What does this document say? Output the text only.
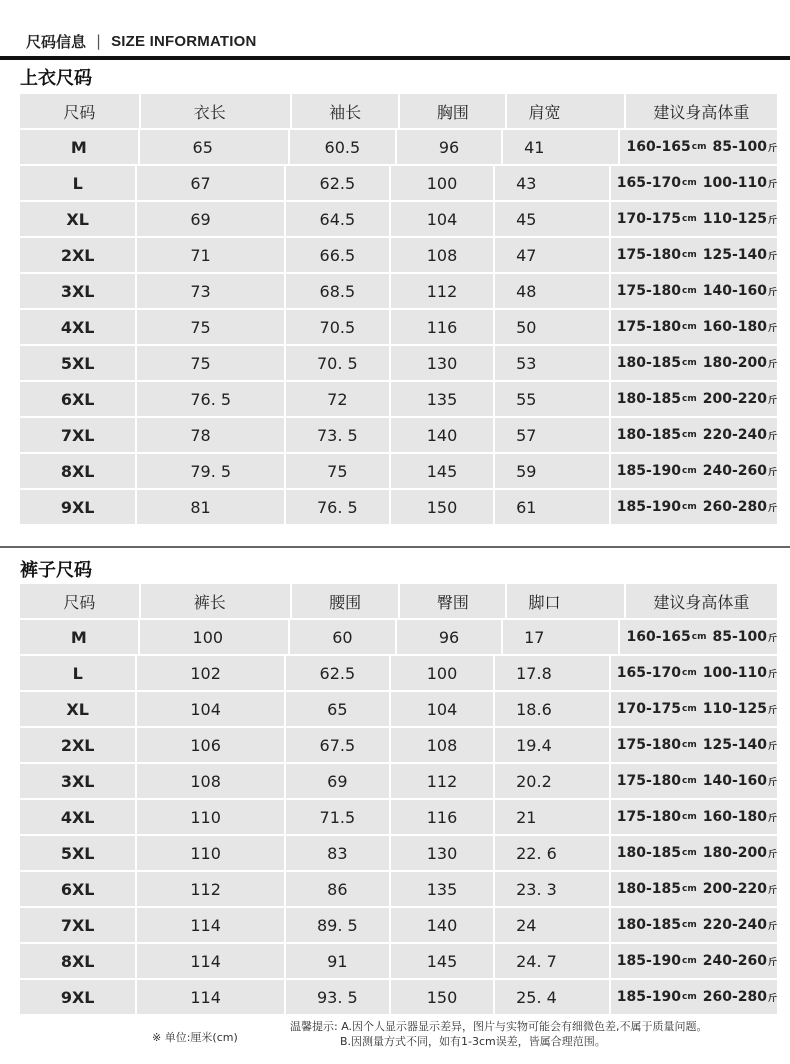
尺码信息 | SIZE INFORMATION
上衣尺码
尺码	衣长	袖长	胸围	肩宽	建议身高体重
M	65	60.5	96	41	160-165 cm 85-100 斤
L	67	62.5	100	43	165-170 cm 100-110 斤
XL	69	64.5	104	45	170-175 cm 110-125 斤
2XL	71	66.5	108	47	175-180 cm 125-140 斤
3XL	73	68.5	112	48	175-180 cm 140-160 斤
4XL	75	70.5	116	50	175-180 cm 160-180 斤
5XL	75	70. 5	130	53	180-185 cm 180-200 斤
6XL	76. 5	72	135	55	180-185 cm 200-220 斤
7XL	78	73. 5	140	57	180-185 cm 220-240 斤
8XL	79. 5	75	145	59	185-190 cm 240-260 斤
9XL	81	76. 5	150	61	185-190 cm 260-280 斤
裤子尺码
尺码	裤长	腰围	臀围	脚口	建议身高体重
M	100	60	96	17	160-165 cm 85-100 斤
L	102	62.5	100	17.8	165-170 cm 100-110 斤
XL	104	65	104	18.6	170-175 cm 110-125 斤
2XL	106	67.5	108	19.4	175-180 cm 125-140 斤
3XL	108	69	112	20.2	175-180 cm 140-160 斤
4XL	110	71.5	116	21	175-180 cm 160-180 斤
5XL	110	83	130	22. 6	180-185 cm 180-200 斤
6XL	112	86	135	23. 3	180-185 cm 200-220 斤
7XL	114	89. 5	140	24	180-185 cm 220-240 斤
8XL	114	91	145	24. 7	185-190 cm 240-260 斤
9XL	114	93. 5	150	25. 4	185-190 cm 260-280 斤
※ 单位:厘米(cm)
温馨提示: A.因个人显示器显示差异，图片与实物可能会有细微色差,不属于质量问题。
B.因测量方式不同，如有1-3cm误差，皆属合理范围。
